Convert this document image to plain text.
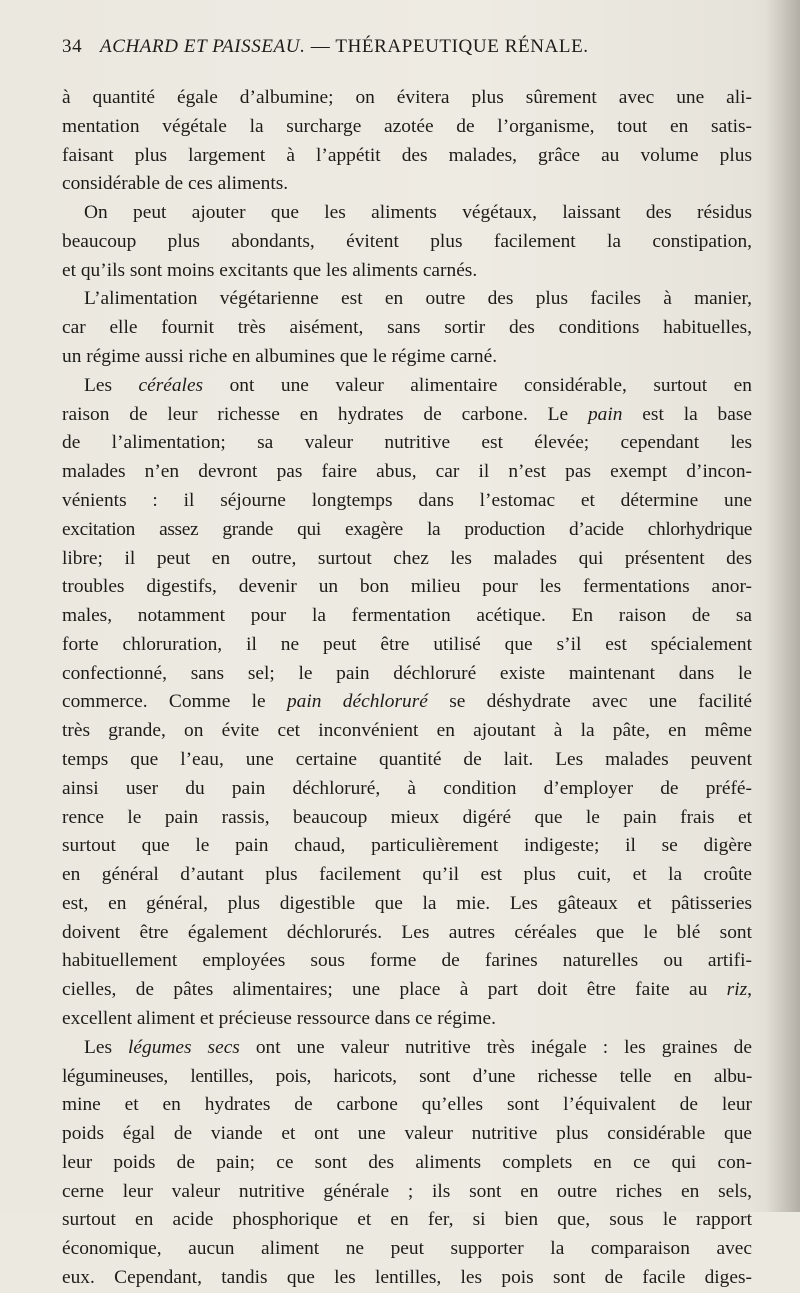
34 ACHARD ET PAISSEAU. — THÉRAPEUTIQUE RÉNALE.

à quantité égale d’albumine; on évitera plus sûrement avec une ali-
mentation végétale la surcharge azotée de l’organisme, tout en satis-
faisant plus largement à l’appétit des malades, grâce au volume plus
considérable de ces aliments.

On peut ajouter que les aliments végétaux, laissant des résidus
beaucoup plus abondants, évitent plus facilement la constipation,
et qu’ils sont moins excitants que les aliments carnés.

L’alimentation végétarienne est en outre des plus faciles à manier,
car elle fournit très aisément, sans sortir des conditions habituelles,
un régime aussi riche en albumines que le régime carné.

Les céréales ont une valeur alimentaire considérable, surtout en
raison de leur richesse en hydrates de carbone. Le pain est la base
de l’alimentation; sa valeur nutritive est élevée; cependant les
malades n’en devront pas faire abus, car il n’est pas exempt d’incon-
vénients : il séjourne longtemps dans l’estomac et détermine une
excitation assez grande qui exagère la production d’acide chlorhydrique
libre; il peut en outre, surtout chez les malades qui présentent des
troubles digestifs, devenir un bon milieu pour les fermentations anor-
males, notamment pour la fermentation acétique. En raison de sa
forte chloruration, il ne peut être utilisé que s’il est spécialement
confectionné, sans sel; le pain déchloruré existe maintenant dans le
commerce. Comme le pain déchloruré se déshydrate avec une facilité
très grande, on évite cet inconvénient en ajoutant à la pâte, en même
temps que l’eau, une certaine quantité de lait. Les malades peuvent
ainsi user du pain déchloruré, à condition d’employer de préfé-
rence le pain rassis, beaucoup mieux digéré que le pain frais et
surtout que le pain chaud, particulièrement indigeste; il se digère
en général d’autant plus facilement qu’il est plus cuit, et la croûte
est, en général, plus digestible que la mie. Les gâteaux et pâtisseries
doivent être également déchlorurés. Les autres céréales que le blé sont
habituellement employées sous forme de farines naturelles ou artifi-
cielles, de pâtes alimentaires; une place à part doit être faite au riz,
excellent aliment et précieuse ressource dans ce régime.

Les légumes secs ont une valeur nutritive très inégale : les graines de
légumineuses, lentilles, pois, haricots, sont d’une richesse telle en albu-
mine et en hydrates de carbone qu’elles sont l’équivalent de leur
poids égal de viande et ont une valeur nutritive plus considérable que
leur poids de pain; ce sont des aliments complets en ce qui con-
cerne leur valeur nutritive générale ; ils sont en outre riches en sels,
surtout en acide phosphorique et en fer, si bien que, sous le rapport
économique, aucun aliment ne peut supporter la comparaison avec
eux. Cependant, tandis que les lentilles, les pois sont de facile diges-
